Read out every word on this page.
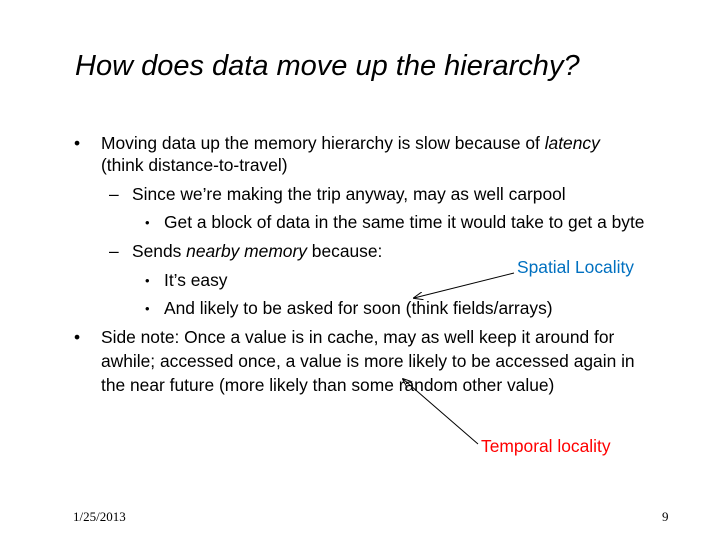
How does data move up the hierarchy?
• Moving data up the memory hierarchy is slow because of latency
(think distance-to-travel)
– Since we’re making the trip anyway, may as well carpool
• Get a block of data in the same time it would take to get a byte
– Sends nearby memory because:
• It’s easy
• And likely to be asked for soon (think fields/arrays)
• Side note: Once a value is in cache, may as well keep it around for
awhile; accessed once, a value is more likely to be accessed again in
the near future (more likely than some random other value)
Spatial Locality
Temporal locality
1/25/2013	9
